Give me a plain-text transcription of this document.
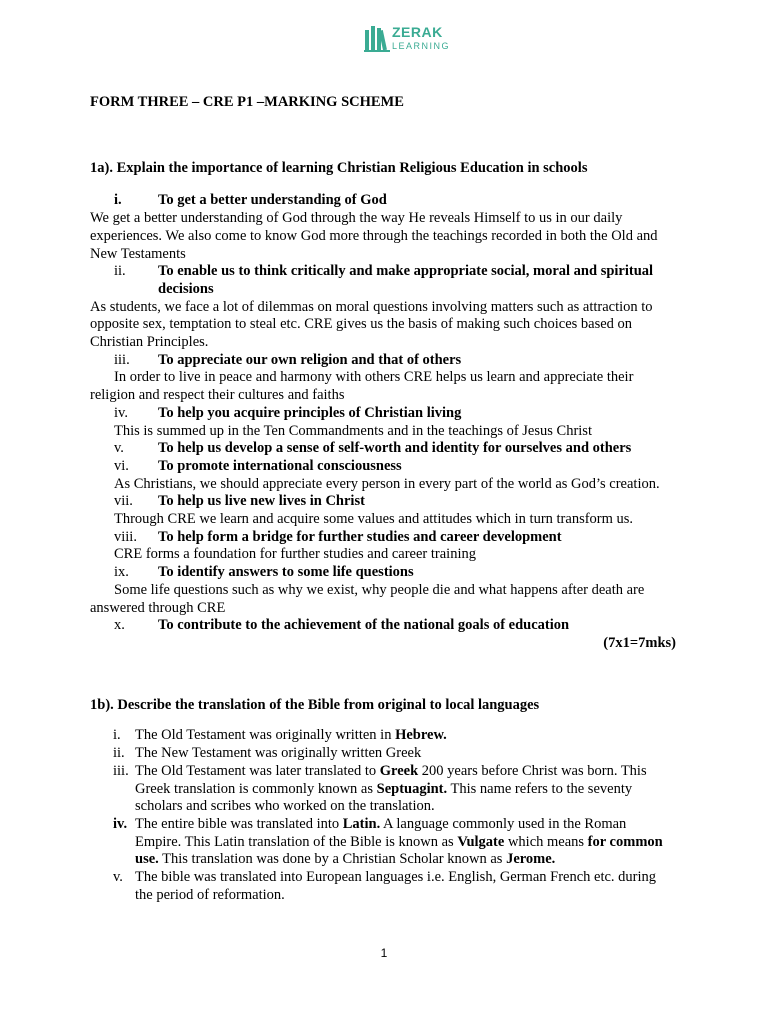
ZERAK
LEARNING

FORM THREE – CRE P1 –MARKING SCHEME

1a). Explain the importance of learning Christian Religious Education in schools

i.	To get a better understanding of God

We get a better understanding of God through the way He reveals Himself to us in our daily experiences. We also come to know God more through the teachings recorded in both the Old and New Testaments

ii.	To enable us to think critically and make appropriate social, moral and spiritual decisions

As students, we face a lot of dilemmas on moral questions involving matters such as attraction to opposite sex, temptation to steal etc. CRE gives us the basis of making such choices based on Christian Principles.

iii.	To appreciate our own religion and that of others

In order to live in peace and harmony with others CRE helps us learn and appreciate their religion and respect their cultures and faiths

iv.	To help you acquire principles of Christian living

This is summed up in the Ten Commandments and in the teachings of Jesus Christ

v.	To help us develop a sense of self-worth and identity for ourselves and others
vi.	To promote international consciousness

As Christians, we should appreciate every person in every part of the world as God’s creation.

vii.	To help us live new lives in Christ

Through CRE we learn and acquire some values and attitudes which in turn transform us.

viii.	To help form a bridge for further studies and career development

CRE forms a foundation for further studies and career training

ix.	To identify answers to some life questions

Some life questions such as why we exist, why people die and what happens after death are answered through CRE

x.	To contribute to the achievement of the national goals of education

(7x1=7mks)

1b). Describe the translation of the Bible from original to local languages

i. The Old Testament was originally written in Hebrew.
ii. The New Testament was originally written Greek
iii. The Old Testament was later translated to Greek 200 years before Christ was born. This Greek translation is commonly known as Septuagint. This name refers to the seventy scholars and scribes who worked on the translation.
iv. The entire bible was translated into Latin. A language commonly used in the Roman Empire. This Latin translation of the Bible is known as Vulgate which means for common use. This translation was done by a Christian Scholar known as Jerome.
v. The bible was translated into European languages i.e. English, German French etc. during the period of reformation.
1
